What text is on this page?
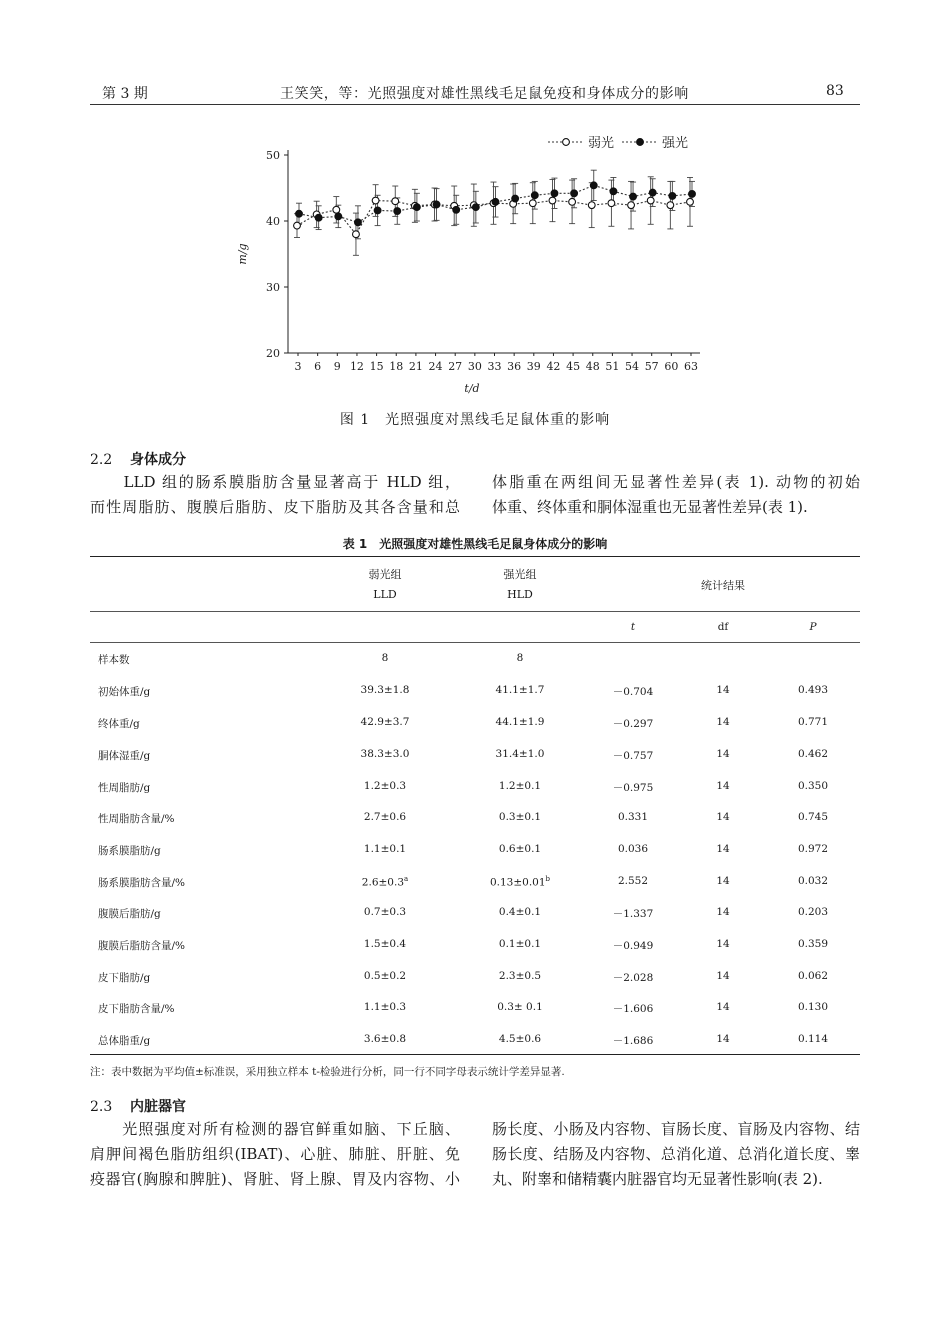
第 3 期	王笑笑，等：光照强度对雄性黑线毛足鼠免疫和身体成分的影响	83
20
30
40
50
3 6 9 12 15 18 21 24 27 30 33 36 39 42 45 48 51 54 57 60 63
t/d
m/g
弱光	强光
图 1　光照强度对黑线毛足鼠体重的影响
2.2 身体成分
　　LLD 组的肠系膜脂肪含量显著高于 HLD 组，
而性周脂肪、腹膜后脂肪、皮下脂肪及其各含量和总
体脂重在两组间无显著性差异(表 1). 动物的初始
体重、终体重和胴体湿重也无显著性差异(表 1).
表 1　光照强度对雄性黑线毛足鼠身体成分的影响
弱光组
LLD
强光组
HLD
统计结果
t	df	P
样本数	8	8
初始体重/g	39.3±1.8	41.1±1.7	－0.704	14	0.493
终体重/g	42.9±3.7	44.1±1.9	－0.297	14	0.771
胴体湿重/g	38.3±3.0	31.4±1.0	－0.757	14	0.462
性周脂肪/g	1.2±0.3	1.2±0.1	－0.975	14	0.350
性周脂肪含量/%	2.7±0.6	0.3±0.1	0.331	14	0.745
肠系膜脂肪/g	1.1±0.1	0.6±0.1	0.036	14	0.972
肠系膜脂肪含量/%	2.6±0.3$^a$	0.13±0.01$^b$	2.552	14	0.032
腹膜后脂肪/g	0.7±0.3	0.4±0.1	－1.337	14	0.203
腹膜后脂肪含量/%	1.5±0.4	0.1±0.1	－0.949	14	0.359
皮下脂肪/g	0.5±0.2	2.3±0.5	－2.028	14	0.062
皮下脂肪含量/%	1.1±0.3	0.3± 0.1	－1.606	14	0.130
总体脂重/g	3.6±0.8	4.5±0.6	－1.686	14	0.114
注：表中数据为平均值±标准误，采用独立样本 t-检验进行分析，同一行不同字母表示统计学差异显著.
2.3 内脏器官
　　光照强度对所有检测的器官鲜重如脑、下丘脑、
肩胛间褐色脂肪组织(IBAT)、心脏、肺脏、肝脏、免
疫器官(胸腺和脾脏)、肾脏、肾上腺、胃及内容物、小
肠长度、小肠及内容物、盲肠长度、盲肠及内容物、结
肠长度、结肠及内容物、总消化道、总消化道长度、睾
丸、附睾和储精囊内脏器官均无显著性影响(表 2).
